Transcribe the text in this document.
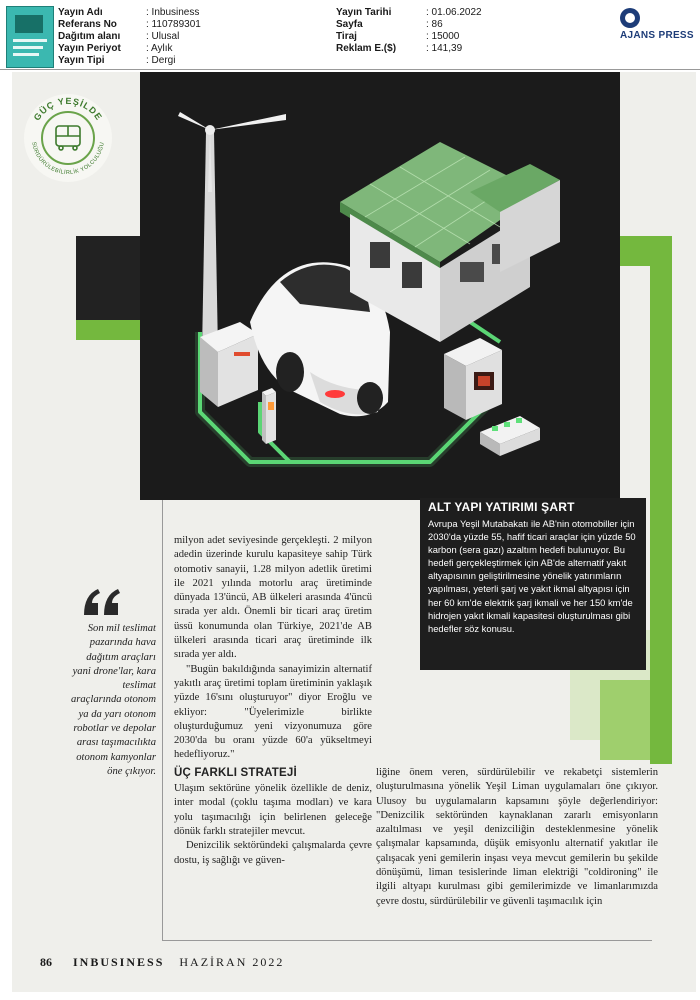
Yayın Adı	: Inbusiness
Referans No	: 110789301
Dağıtım alanı	: Ulusal
Yayın Periyot	: Aylık
Yayın Tipi	: Dergi
Yayın Tarihi	: 01.06.2022
Sayfa	: 86
Tiraj	: 15000
Reklam E.($)	: 141,39
AJANS PRESS
GÜÇ YEŞİLDE
SÜRDÜRÜLEBİLİRLİK YOLCULUĞU
ALT YAPI YATIRIMI ŞART
Avrupa Yeşil Mutabakatı ile AB'nin otomobiller için 2030'da yüzde 55, hafif ticari araçlar için yüzde 50 karbon (sera gazı) azaltım hedefi bulunuyor. Bu hedefi gerçekleştirmek için AB'de alternatif yakıt altyapısının geliştirilmesine yönelik yatırımların yapılması, yeterli şarj ve yakıt ikmal altyapısı için her 60 km'de elektrik şarj ikmali ve her 150 km'de hidrojen yakıt ikmali kapasitesi oluşturulması gibi hedefler söz konusu.
Son mil teslimat pazarında hava dağıtım araçları yani drone'lar, kara teslimat araçlarında otonom ya da yarı otonom robotlar ve depolar arası taşımacılıkta otonom kamyonlar öne çıkıyor.

milyon adet seviyesinde gerçekleşti. 2 milyon adedin üzerinde kurulu kapasiteye sahip Türk otomotiv sanayii, 1.28 milyon adetlik üretimi ile 2021 yılında motorlu araç üretiminde dünyada 13'üncü, AB ülkeleri arasında 4'üncü sırada yer aldı. Önemli bir ticari araç üretim üssü konumunda olan Türkiye, 2021'de AB ülkeleri arasında ticari araç üretiminde ilk sırada yer aldı.

"Bugün bakıldığında sanayimizin alternatif yakıtlı araç üretimi toplam üretiminin yaklaşık yüzde 16'sını oluşturuyor" diyor Eroğlu ve ekliyor: "Üyelerimizle birlikte oluşturduğumuz yeni vizyonumuza göre 2030'da bu oranı yüzde 60'a yükseltmeyi hedefliyoruz."

ÜÇ FARKLI STRATEJİ

Ulaşım sektörüne yönelik özellikle de deniz, inter modal (çoklu taşıma modları) ve kara yolu taşımacılığı için belirlenen geleceğe dönük farklı stratejiler mevcut.

Denizcilik sektöründeki çalışmalarda çevre dostu, iş sağlığı ve güven-

liğine önem veren, sürdürülebilir ve rekabetçi sistemlerin oluşturulmasına yönelik Yeşil Liman uygulamaları öne çıkıyor. Ulusoy bu uygulamaların kapsamını şöyle değerlendiriyor: "Denizcilik sektöründen kaynaklanan zararlı emisyonların azaltılması ve yeşil denizciliğin desteklenmesine yönelik çalışmalar kapsamında, düşük emisyonlu alternatif yakıtlar ile çalışacak yeni gemilerin inşası veya mevcut gemilerin bu şekilde dönüşümü, liman tesislerinde liman elektriği "coldironing" ile ilgili altyapı kurulması gibi gemilerimizde ve limanlarımızda çevre dostu, sürdürülebilir ve güvenli taşımacılık için

86 INBUSINESS HAZİRAN 2022
